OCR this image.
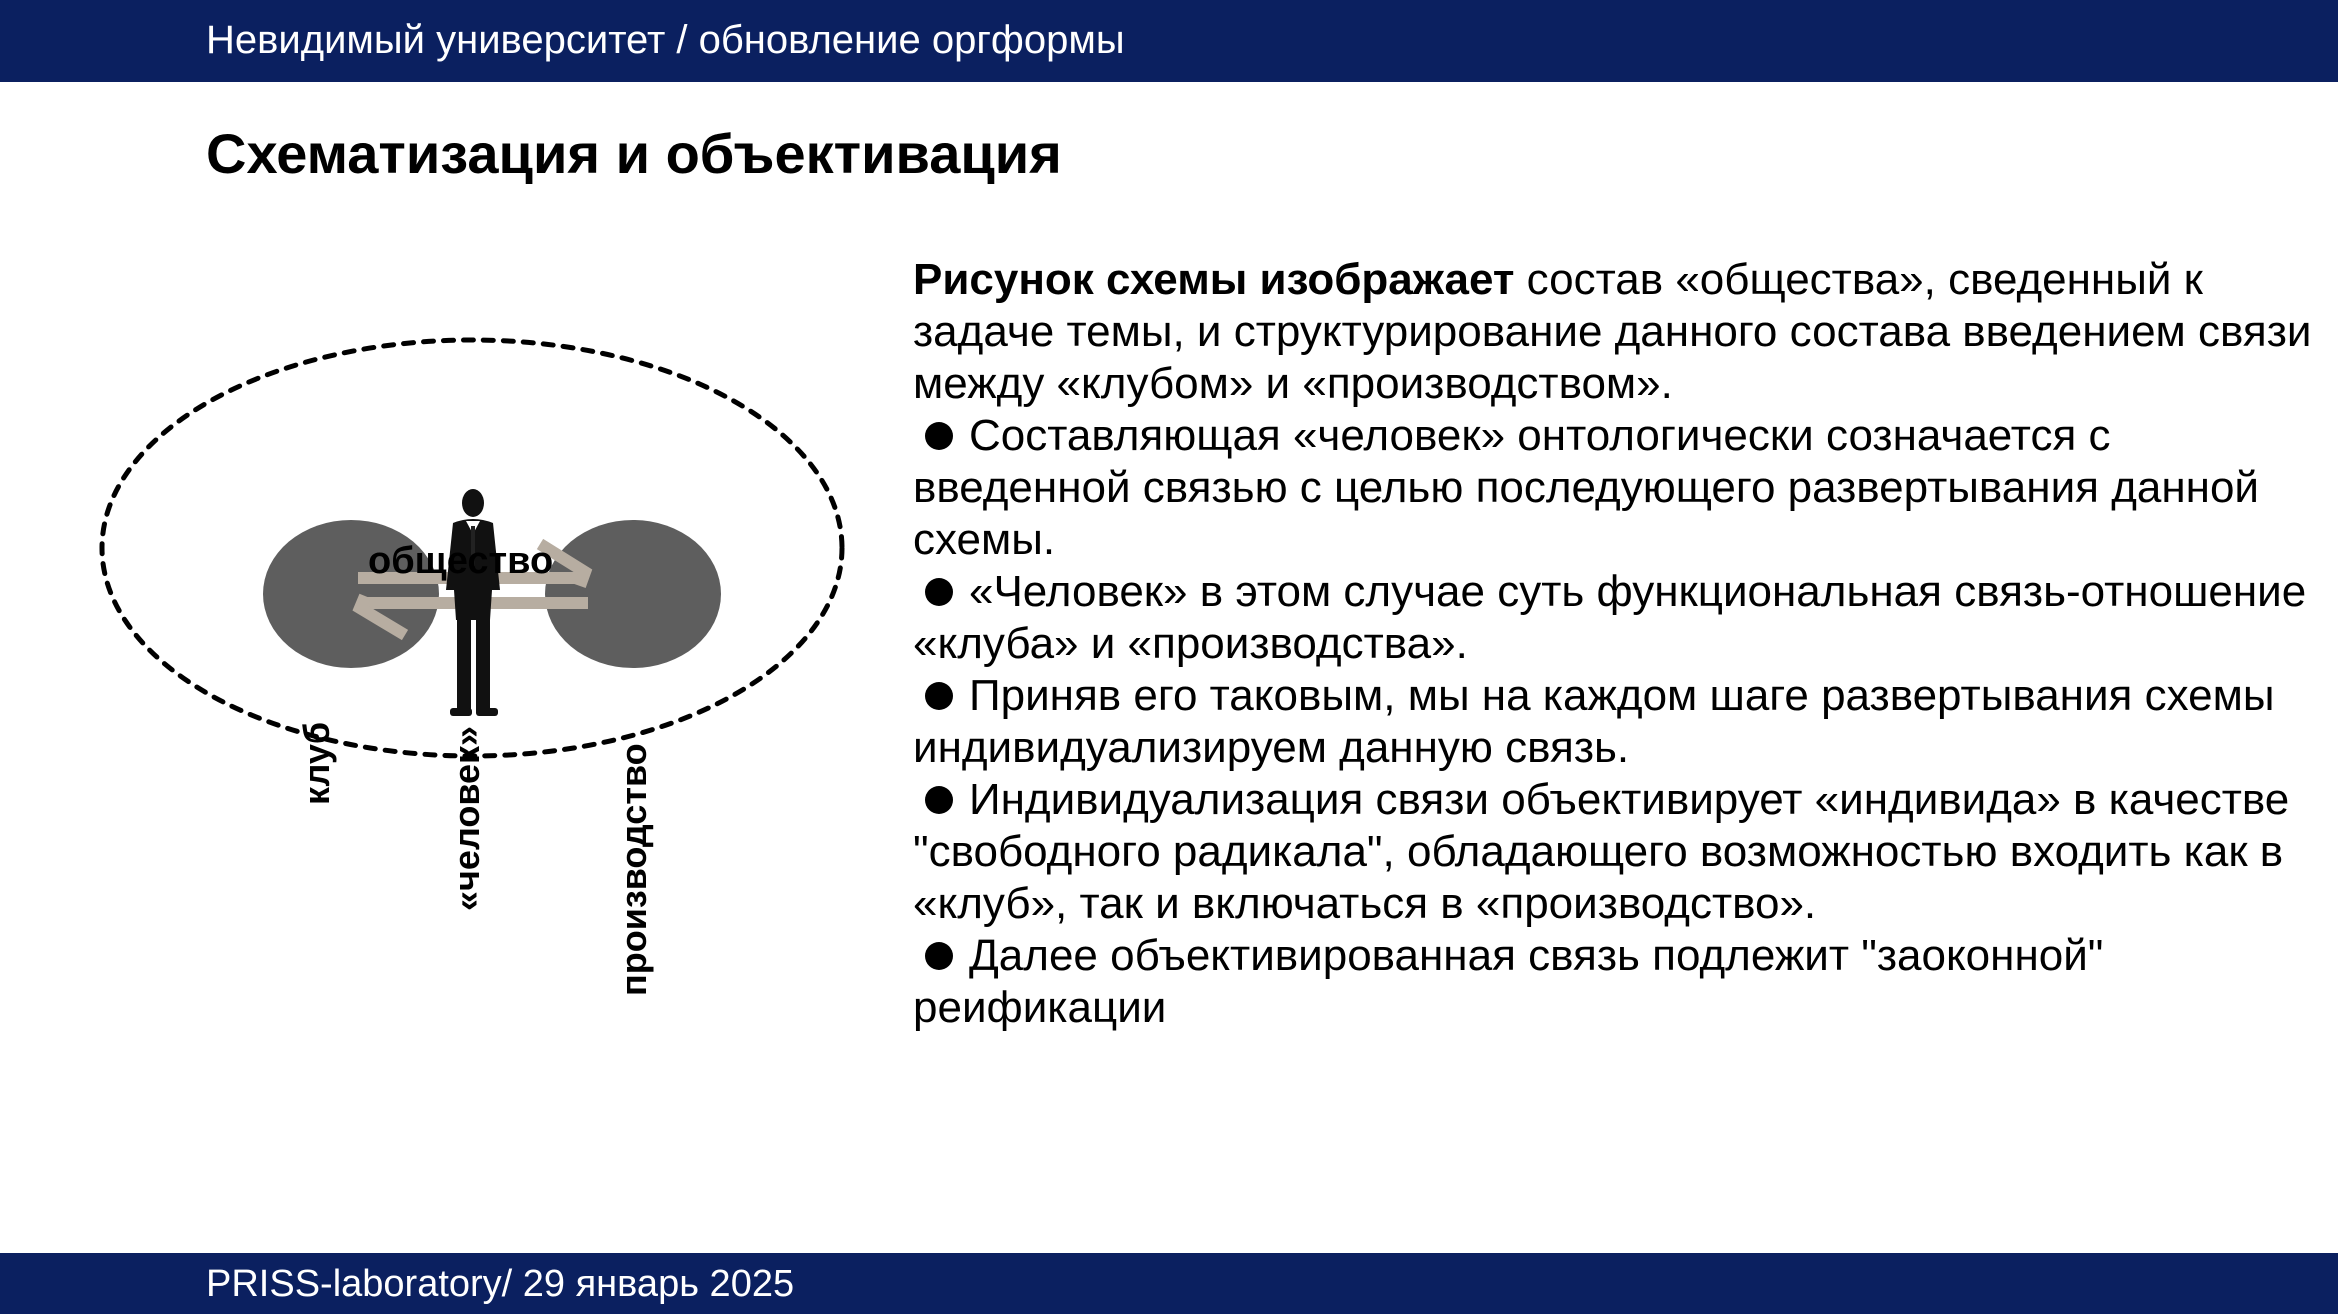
Невидимый университет / обновление оргформы
Схематизация и объективация
общество
клуб	«человек»	производство

Рисунок схемы изображает состав «общества», сведенный к задаче темы, и структурирование данного состава введением связи между «клубом» и «производством».

Составляющая «человек» онтологически созначается с введенной связью с целью последующего развертывания данной схемы.

«Человек» в этом случае суть функциональная связь-отношение «клуба» и «производства».

Приняв его таковым, мы на каждом шаге развертывания схемы индивидуализируем данную связь.

Индивидуализация связи объективирует «индивида» в качестве "свободного радикала", обладающего возможностью входить как в «клуб», так и включаться в «производство».

Далее объективированная связь подлежит "заоконной" реификации

PRISS-laboratory/ 29 январь 2025
